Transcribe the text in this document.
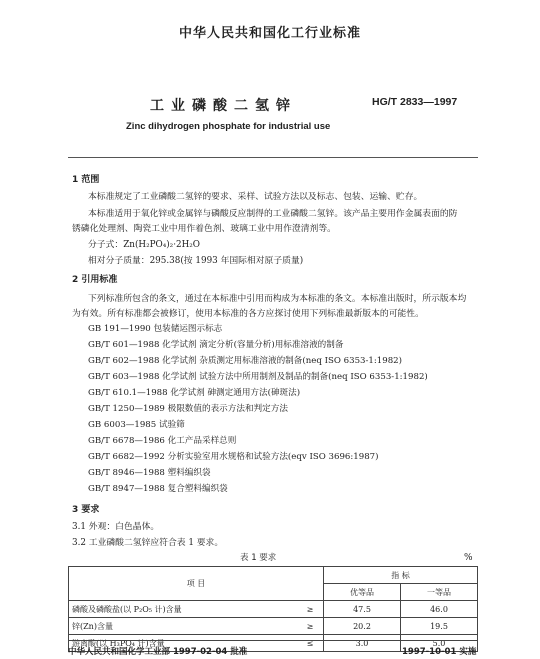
中华人民共和国化工行业标准
工业磷酸二氢锌	HG/T 2833—1997
Zinc dihydrogen phosphate for industrial use
1 范围
本标准规定了工业磷酸二氢锌的要求、采样、试验方法以及标志、包装、运输、贮存。
本标准适用于氧化锌或金属锌与磷酸反应制得的工业磷酸二氢锌。该产品主要用作金属表面的防
锈磷化处理剂、陶瓷工业中用作着色剂、玻璃工业中用作澄清剂等。
分子式：Zn(H₂PO₄)₂·2H₂O
相对分子质量：295.38(按 1993 年国际相对原子质量)
2 引用标准
下列标准所包含的条文，通过在本标准中引用而构成为本标准的条文。本标准出版时，所示版本均
为有效。所有标准都会被修订，使用本标准的各方应探讨使用下列标准最新版本的可能性。
GB 191—1990 包装储运图示标志
GB/T 601—1988 化学试剂 滴定分析(容量分析)用标准溶液的制备
GB/T 602—1988 化学试剂 杂质测定用标准溶液的制备(neq ISO 6353-1:1982)
GB/T 603—1988 化学试剂 试验方法中所用制剂及制品的制备(neq ISO 6353-1:1982)
GB/T 610.1—1988 化学试剂 砷测定通用方法(砷斑法)
GB/T 1250—1989 极限数值的表示方法和判定方法
GB 6003—1985 试验筛
GB/T 6678—1986 化工产品采样总则
GB/T 6682—1992 分析实验室用水规格和试验方法(eqv ISO 3696:1987)
GB/T 8946—1988 塑料编织袋
GB/T 8947—1988 复合塑料编织袋
3 要求
3.1 外观：白色晶体。
3.2 工业磷酸二氢锌应符合表 1 要求。
表 1 要求	%
项 目		指 标	
		优等品	一等品
磷酸及磷酸盐(以 P₂O₅ 计)含量	≥	47.5	46.0
锌(Zn)含量	≥	20.2	19.5
游离酸(以 H₃PO₄ 计)含量	≤	3.0	5.0
中华人民共和国化学工业部 1997-02-04 批准	1997-10-01 实施
